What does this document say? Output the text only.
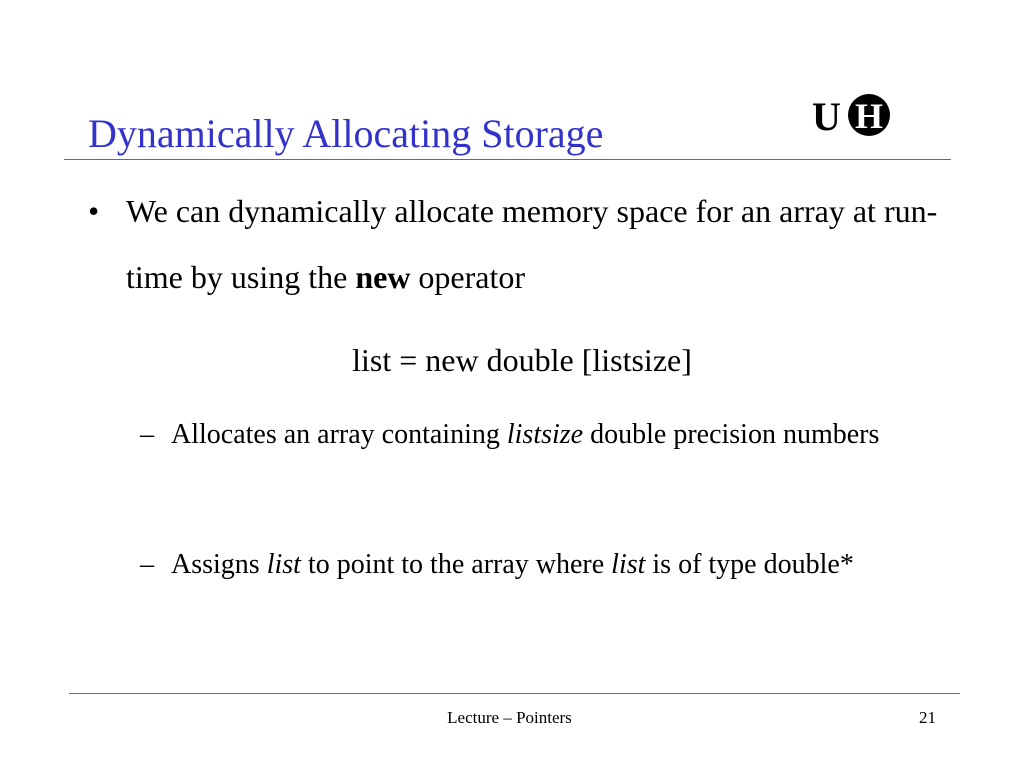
Dynamically Allocating Storage	U H
• We can dynamically allocate memory space for an array at run-time by using the new operator
list = new double [listsize]
– Allocates an array containing listsize double precision numbers
– Assigns list to point to the array where list is of type double*
Lecture – Pointers	21
